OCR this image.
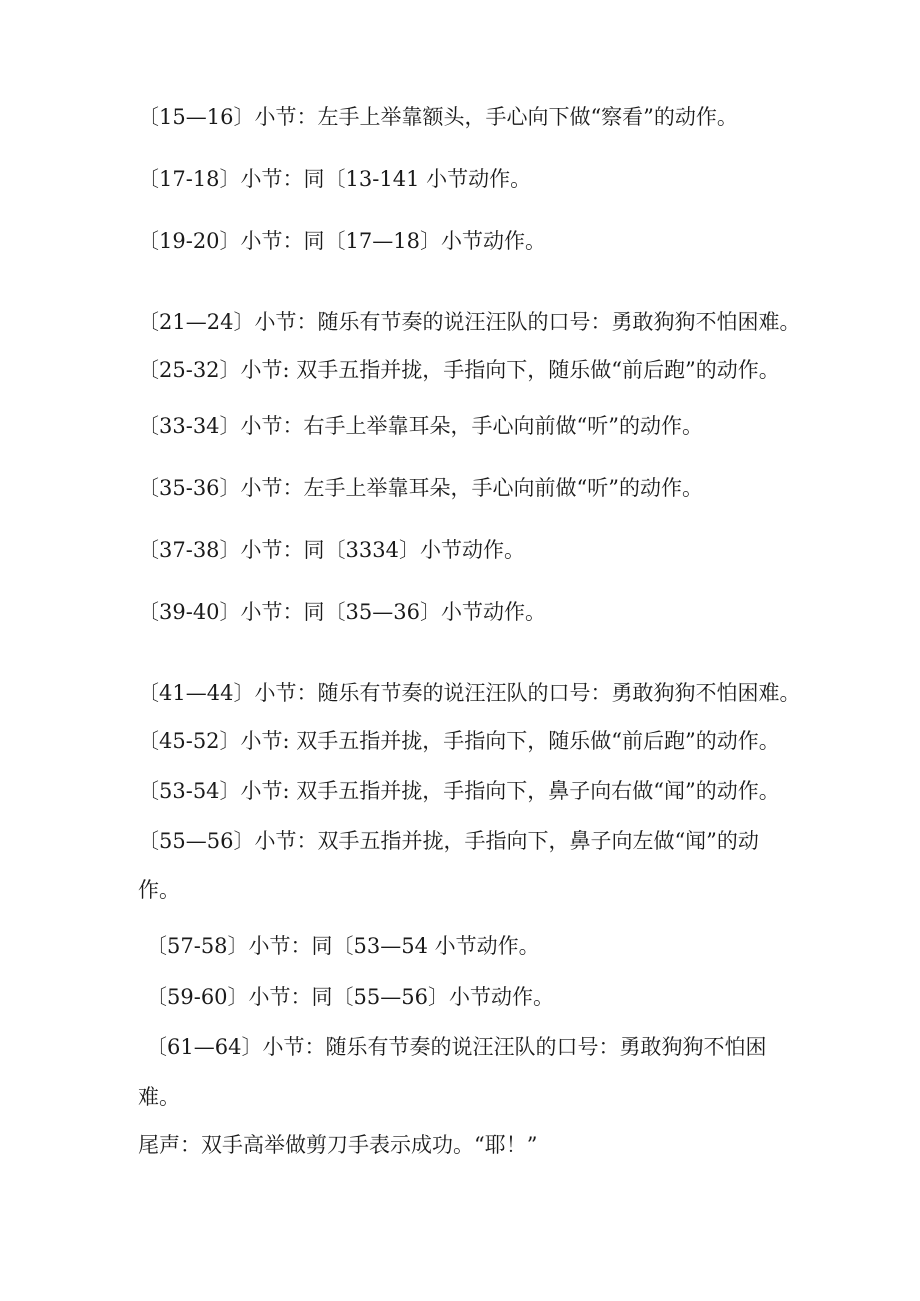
〔15—16〕小节：左手上举靠额头，手心向下做“察看”的动作。

〔17-18〕小节：同〔13-141 小节动作。

〔19-20〕小节：同〔17—18〕小节动作。

〔21—24〕小节：随乐有节奏的说汪汪队的口号：勇敢狗狗不怕困难。

〔25-32〕小节: 双手五指并拢，手指向下，随乐做“前后跑”的动作。

〔33-34〕小节：右手上举靠耳朵，手心向前做“听”的动作。

〔35-36〕小节：左手上举靠耳朵，手心向前做“听”的动作。

〔37-38〕小节：同〔3334〕小节动作。

〔39-40〕小节：同〔35—36〕小节动作。

〔41—44〕小节：随乐有节奏的说汪汪队的口号：勇敢狗狗不怕困难。

〔45-52〕小节: 双手五指并拢，手指向下，随乐做“前后跑”的动作。

〔53-54〕小节: 双手五指并拢，手指向下，鼻子向右做“闻”的动作。

〔55—56〕小节：双手五指并拢，手指向下，鼻子向左做“闻”的动

作。

〔57-58〕小节：同〔53—54 小节动作。

〔59-60〕小节：同〔55—56〕小节动作。

〔61—64〕小节：随乐有节奏的说汪汪队的口号：勇敢狗狗不怕困

难。

尾声：双手高举做剪刀手表示成功。“耶！”
